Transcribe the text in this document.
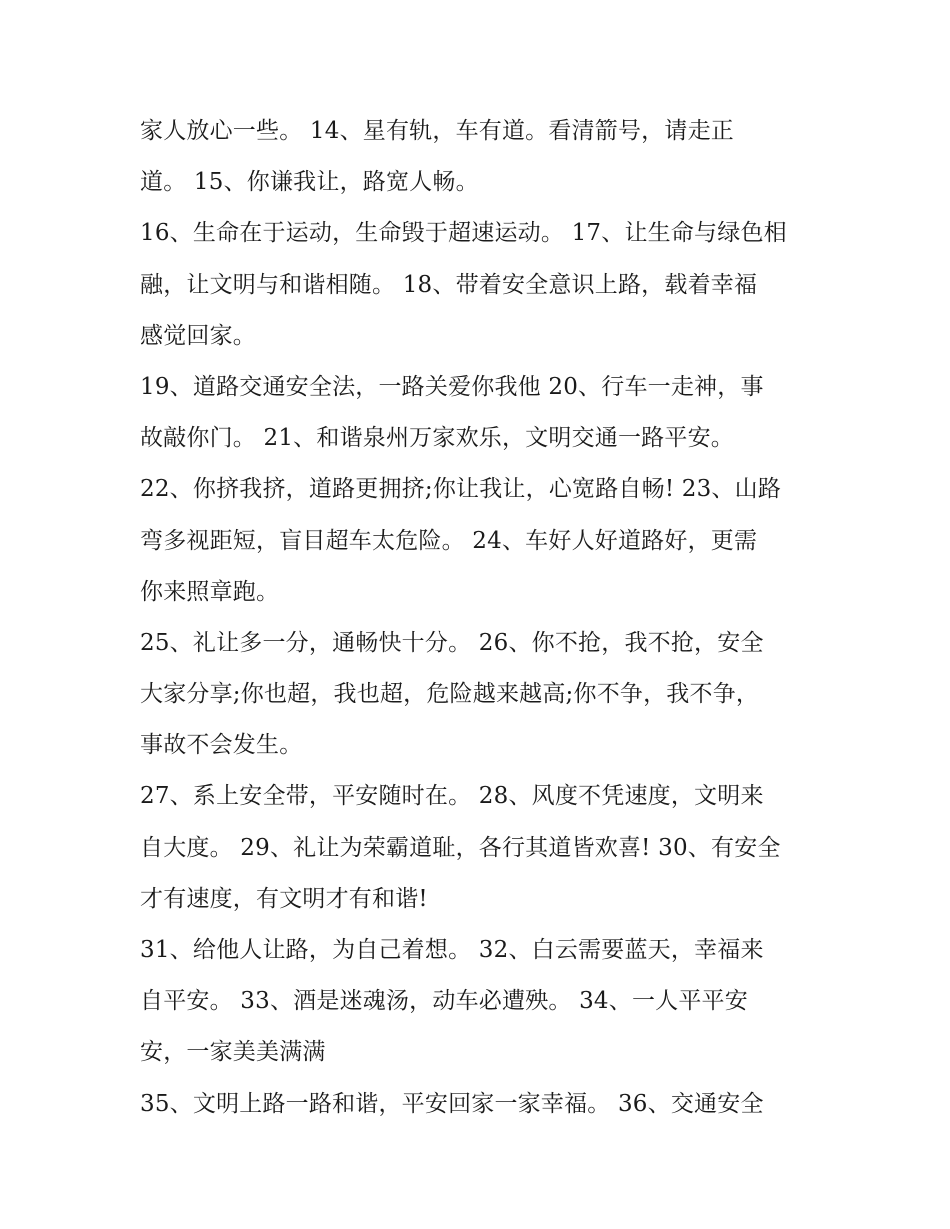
家人放心一些。 14、星有轨，车有道。看清箭号，请走正
道。 15、你谦我让，路宽人畅。
16、生命在于运动，生命毁于超速运动。 17、让生命与绿色相
融，让文明与和谐相随。 18、带着安全意识上路，载着幸福
感觉回家。
19、道路交通安全法，一路关爱你我他 20、行车一走神，事
故敲你门。 21、和谐泉州万家欢乐，文明交通一路平安。
22、你挤我挤，道路更拥挤;你让我让，心宽路自畅! 23、山路
弯多视距短，盲目超车太危险。 24、车好人好道路好，更需
你来照章跑。
25、礼让多一分，通畅快十分。 26、你不抢，我不抢，安全
大家分享;你也超，我也超，危险越来越高;你不争，我不争，
事故不会发生。
27、系上安全带，平安随时在。 28、风度不凭速度，文明来
自大度。 29、礼让为荣霸道耻，各行其道皆欢喜! 30、有安全
才有速度，有文明才有和谐!
31、给他人让路，为自己着想。 32、白云需要蓝天，幸福来
自平安。 33、酒是迷魂汤，动车必遭殃。 34、一人平平安
安，一家美美满满
35、文明上路一路和谐，平安回家一家幸福。 36、交通安全
